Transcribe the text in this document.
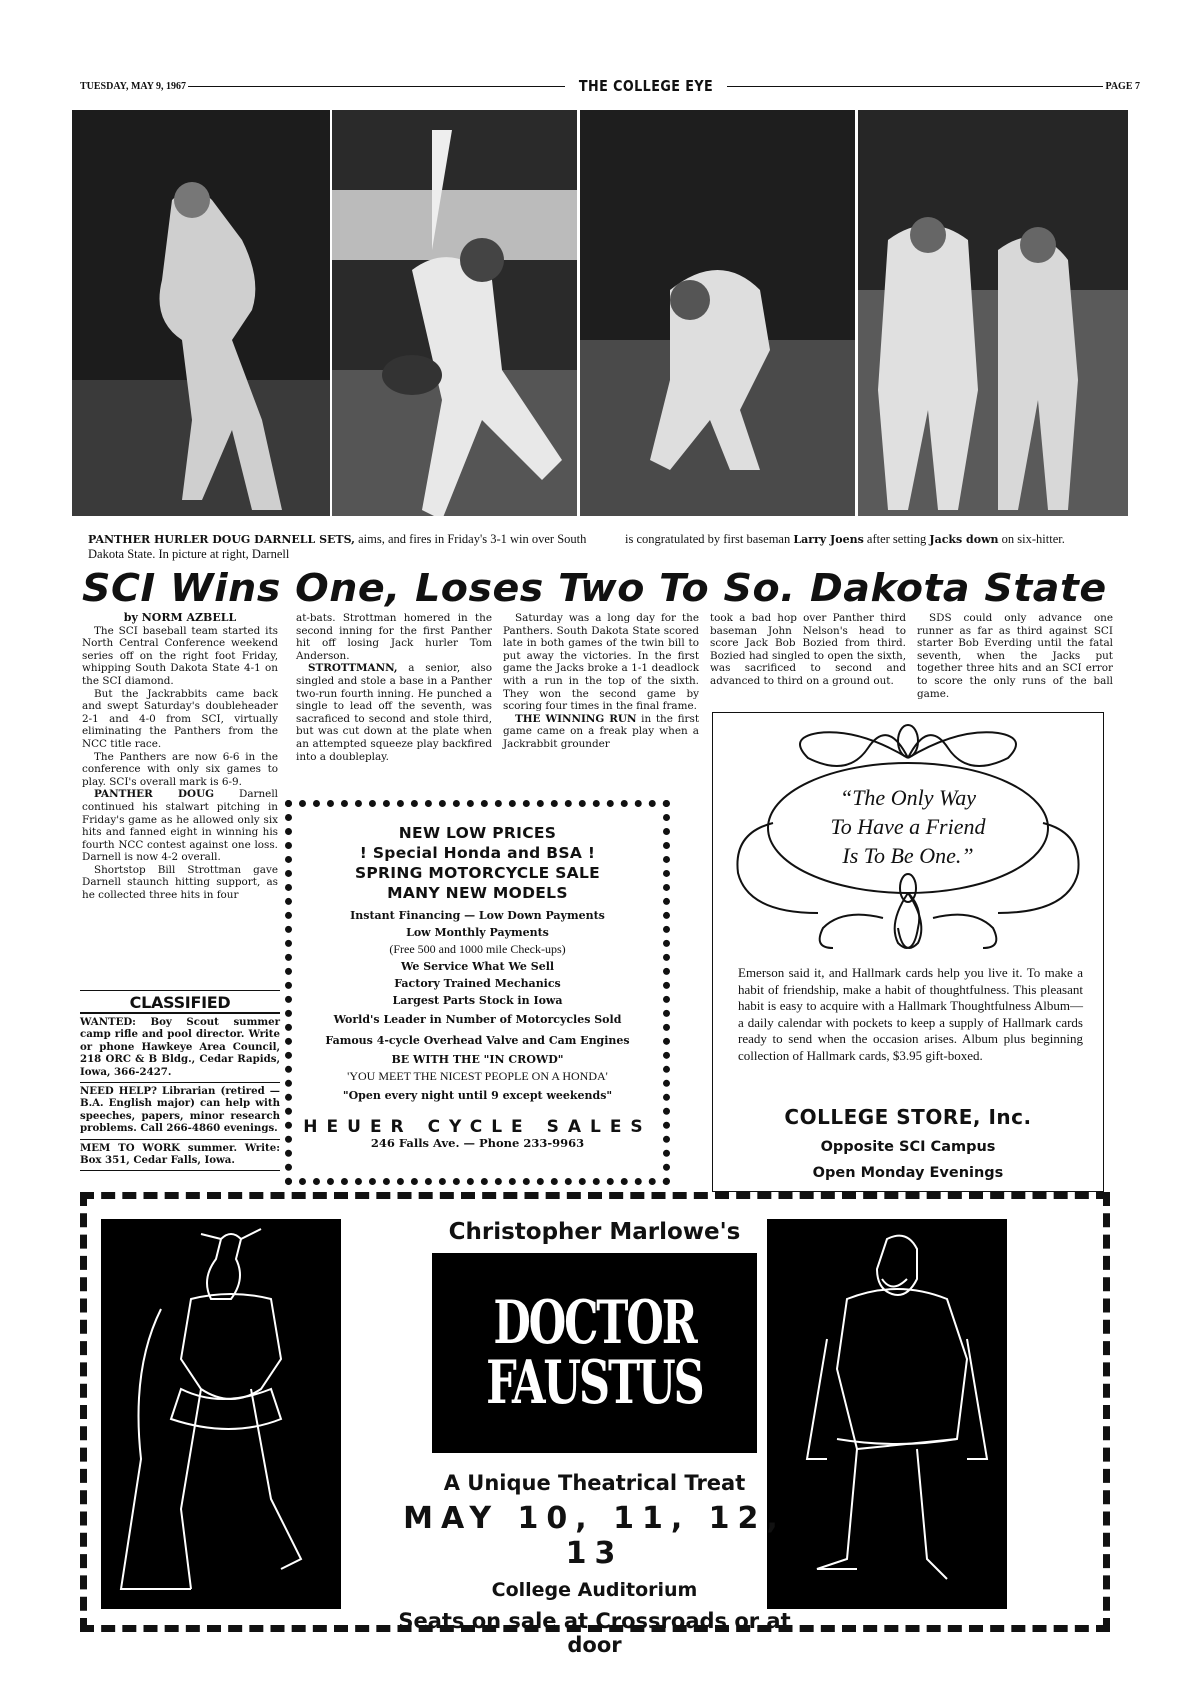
TUESDAY, MAY 9, 1967	THE COLLEGE EYE	PAGE 7
PANTHER HURLER DOUG DARNELL SETS, aims, and fires in Friday's 3-1 win over South Dakota State. In picture at right, Darnell
is congratulated by first baseman Larry Joens after setting Jacks down on six-hitter.
SCI Wins One, Loses Two To So. Dakota State

by NORM AZBELL

The SCI baseball team started its North Central Conference weekend series off on the right foot Friday, whipping South Dakota State 4-1 on the SCI diamond.

But the Jackrabbits came back and swept Saturday's doubleheader 2-1 and 4-0 from SCI, virtually eliminating the Panthers from the NCC title race.

The Panthers are now 6-6 in the conference with only six games to play. SCI's overall mark is 6-9.

PANTHER DOUG Darnell continued his stalwart pitching in Friday's game as he allowed only six hits and fanned eight in winning his fourth NCC contest against one loss. Darnell is now 4-2 overall.

Shortstop Bill Strottman gave Darnell staunch hitting support, as he collected three hits in four

at-bats. Strottman homered in the second inning for the first Panther hit off losing Jack hurler Tom Anderson.

STROTTMANN, a senior, also singled and stole a base in a Panther two-run fourth inning. He punched a single to lead off the seventh, was sacraficed to second and stole third, but was cut down at the plate when an attempted squeeze play backfired into a doubleplay.

Saturday was a long day for the Panthers. South Dakota State scored late in both games of the twin bill to put away the victories. In the first game the Jacks broke a 1-1 deadlock with a run in the top of the sixth. They won the second game by scoring four times in the final frame.

THE WINNING RUN in the first game came on a freak play when a Jackrabbit grounder

took a bad hop over Panther third baseman John Nelson's head to score Jack Bob Bozied from third. Bozied had singled to open the sixth, was sacrificed to second and advanced to third on a ground out.

SDS could only advance one runner as far as third against SCI starter Bob Everding until the fatal seventh, when the Jacks put together three hits and an SCI error to score the only runs of the ball game.

CLASSIFIED
WANTED: Boy Scout summer camp rifle and pool director. Write or phone Hawkeye Area Council, 218 ORC & B Bldg., Cedar Rapids, Iowa, 366-2427.
NEED HELP? Librarian (retired — B.A. English major) can help with speeches, papers, minor research problems. Call 266-4860 evenings.
MEM TO WORK summer. Write: Box 351, Cedar Falls, Iowa.
NEW LOW PRICES
! Special Honda and BSA !
SPRING MOTORCYCLE SALE
MANY NEW MODELS
Instant Financing — Low Down Payments
Low Monthly Payments
(Free 500 and 1000 mile Check-ups)
We Service What We Sell
Factory Trained Mechanics
Largest Parts Stock in Iowa
World's Leader in Number of Motorcycles Sold
Famous 4-cycle Overhead Valve and Cam Engines
BE WITH THE "IN CROWD"
'YOU MEET THE NICEST PEOPLE ON A HONDA'
"Open every night until 9 except weekends"
HEUER CYCLE SALES
246 Falls Ave. — Phone 233-9963
“The Only Way
To Have a Friend
Is To Be One.”
Emerson said it, and Hallmark cards help you live it. To make a habit of friendship, make a habit of thoughtfulness. This pleasant habit is easy to acquire with a Hallmark Thoughtfulness Album—a daily calendar with pockets to keep a supply of Hallmark cards ready to send when the occasion arises. Album plus beginning collection of Hallmark cards, $3.95 gift-boxed.
COLLEGE STORE, Inc.
Opposite SCI Campus
Open Monday Evenings
Christopher Marlowe's
DOCTOR
FAUSTUS
A Unique Theatrical Treat
MAY 10, 11, 12, 13
College Auditorium
Seats on sale at Crossroads or at door
